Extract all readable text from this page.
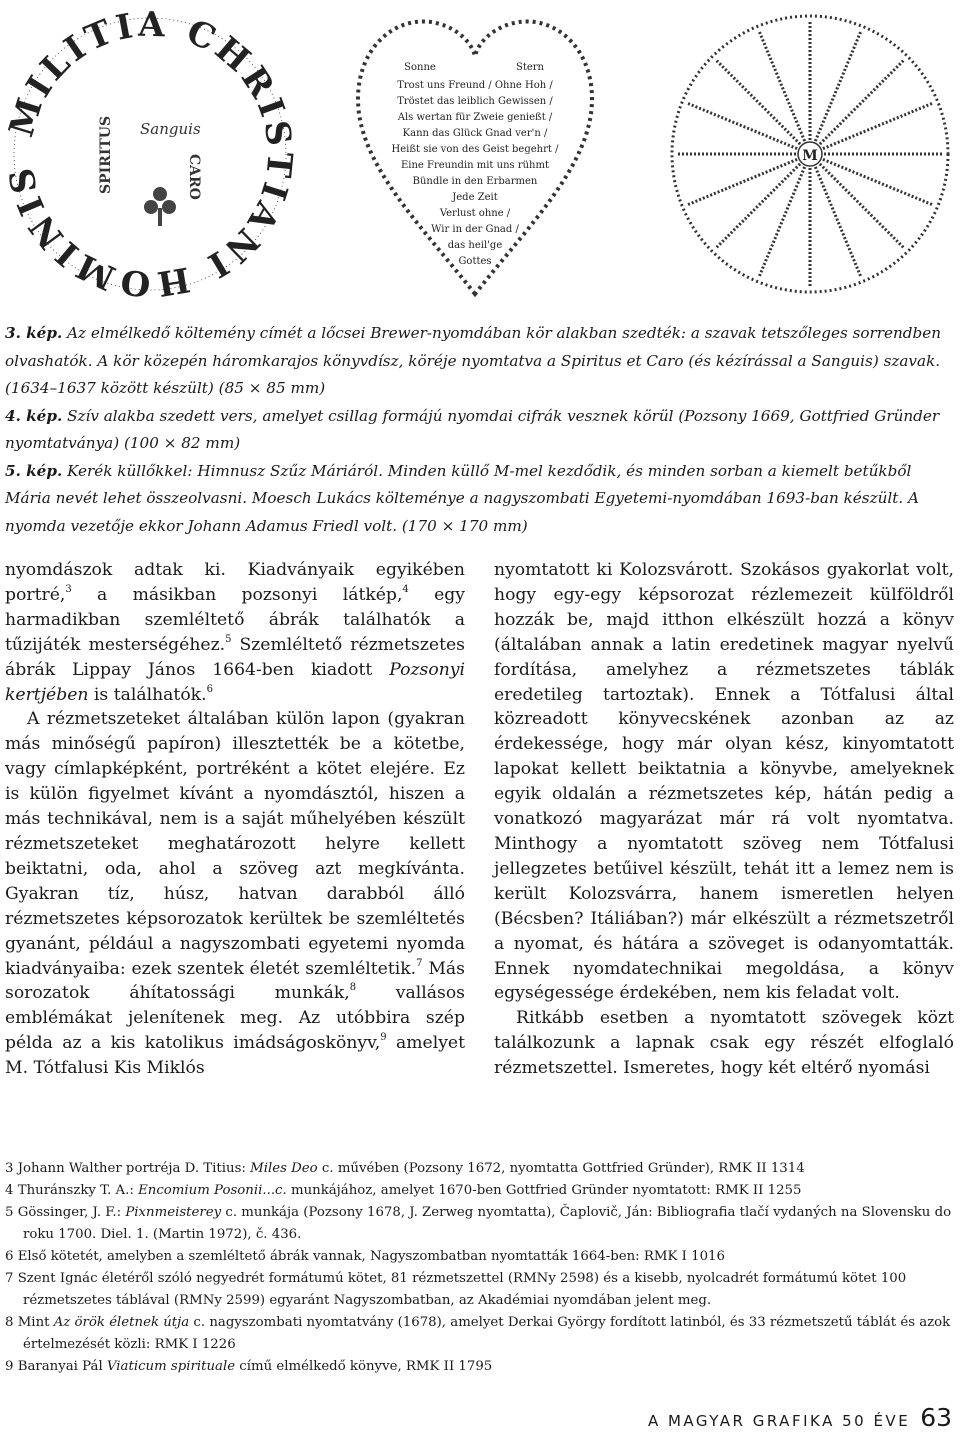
MILITIA CHRISTIANI HOMINIS	SPIRITUS Sanguis
CARO
Sonne	Stern
Trost uns Freund / Ohne Hoh /
Tröstet das leiblich Gewissen /
Als wertan für Zweie genießt /
Kann das Glück Gnad ver'n /
Heißt sie von des Geist begehrt /
Eine Freundin mit uns rühmt
Bündle in den Erbarmen
Jede Zeit
Verlust ohne /
Wir in der Gnad /
das heil'ge
Gottes
M

3. kép. Az elmélkedő költemény címét a lőcsei Brewer-nyomdában kör alakban szedték: a szavak tetszőleges sorrendben olvashatók. A kör közepén háromkarajos könyvdísz, köréje nyomtatva a Spiritus et Caro (és kézírással a Sanguis) szavak. (1634–1637 között készült) (85 × 85 mm)

4. kép. Szív alakba szedett vers, amelyet csillag formájú nyomdai cifrák vesznek körül (Pozsony 1669, Gottfried Gründer nyomtatványa) (100 × 82 mm)

5. kép. Kerék küllőkkel: Himnusz Szűz Máriáról. Minden küllő M-mel kezdődik, és minden sorban a kiemelt betűkből Mária nevét lehet összeolvasni. Moesch Lukács költeménye a nagyszombati Egyetemi-nyomdában 1693-ban készült. A nyomda vezetője ekkor Johann Adamus Friedl volt. (170 × 170 mm)

nyomdászok adtak ki. Kiadványaik egyikében portré,$^3$ a másikban pozsonyi látkép,$^4$ egy harmadikban szemléltető ábrák találhatók a tűzijáték mesterségéhez.$^5$ Szemléltető rézmetszetes ábrák Lippay János 1664-ben kiadott Pozsonyi kertjében is találhatók.$^6$

A rézmetszeteket általában külön lapon (gyakran más minőségű papíron) illesztették be a kötetbe, vagy címlapképként, portréként a kötet elejére. Ez is külön figyelmet kívánt a nyomdásztól, hiszen a más technikával, nem is a saját műhelyében készült rézmetszeteket meghatározott helyre kellett beiktatni, oda, ahol a szöveg azt megkívánta. Gyakran tíz, húsz, hatvan darabból álló rézmetszetes képsorozatok kerültek be szemléltetés gyanánt, például a nagyszombati egyetemi nyomda kiadványaiba: ezek szentek életét szemléltetik.$^7$ Más sorozatok áhítatossági munkák,$^8$ vallásos emblémákat jelenítenek meg. Az utóbbira szép példa az a kis katolikus imádságoskönyv,$^9$ amelyet M. Tótfalusi Kis Miklós

nyomtatott ki Kolozsvárott. Szokásos gyakorlat volt, hogy egy-egy képsorozat rézlemezeit külföldről hozzák be, majd itthon elkészült hozzá a könyv (általában annak a latin eredetinek magyar nyelvű fordítása, amelyhez a rézmetszetes táblák eredetileg tartoztak). Ennek a Tótfalusi által közreadott könyvecskének azonban az az érdekessége, hogy már olyan kész, kinyomtatott lapokat kellett beiktatnia a könyvbe, amelyeknek egyik oldalán a rézmetszetes kép, hátán pedig a vonatkozó magyarázat már rá volt nyomtatva. Minthogy a nyomtatott szöveg nem Tótfalusi jellegzetes betűivel készült, tehát itt a lemez nem is került Kolozsvárra, hanem ismeretlen helyen (Bécsben? Itáliában?) már elkészült a rézmetszetről a nyomat, és hátára a szöveget is odanyomtatták. Ennek nyomdatechnikai megoldása, a könyv egységessége érdekében, nem kis feladat volt.

Ritkább esetben a nyomtatott szövegek közt találkozunk a lapnak csak egy részét elfoglaló rézmetszettel. Ismeretes, hogy két eltérő nyomási

3 Johann Walther portréja D. Titius: Miles Deo c. művében (Pozsony 1672, nyomtatta Gottfried Gründer), RMK II 1314

4 Thuránszky T. A.: Encomium Posonii...c. munkájához, amelyet 1670-ben Gottfried Gründer nyomtatott: RMK II 1255

5 Gössinger, J. F.: Pixnmeisterey c. munkája (Pozsony 1678, J. Zerweg nyomtatta), Čaplovič, Ján: Bibliografia tlačí vydaných na Slovensku do roku 1700. Diel. 1. (Martin 1972), č. 436.

6 Első kötetét, amelyben a szemléltető ábrák vannak, Nagyszombatban nyomtatták 1664-ben: RMK I 1016

7 Szent Ignác életéről szóló negyedrét formátumú kötet, 81 rézmetszettel (RMNy 2598) és a kisebb, nyolcadrét formátumú kötet 100 rézmetszetes táblával (RMNy 2599) egyaránt Nagyszombatban, az Akadémiai nyomdában jelent meg.

8 Mint Az örök életnek útja c. nagyszombati nyomtatvány (1678), amelyet Derkai György fordított latinból, és 33 rézmetszetű táblát és azok értelmezését közli: RMK I 1226

9 Baranyai Pál Viaticum spirituale című elmélkedő könyve, RMK II 1795

A MAGYAR GRAFIKA 50 ÉVE 63
